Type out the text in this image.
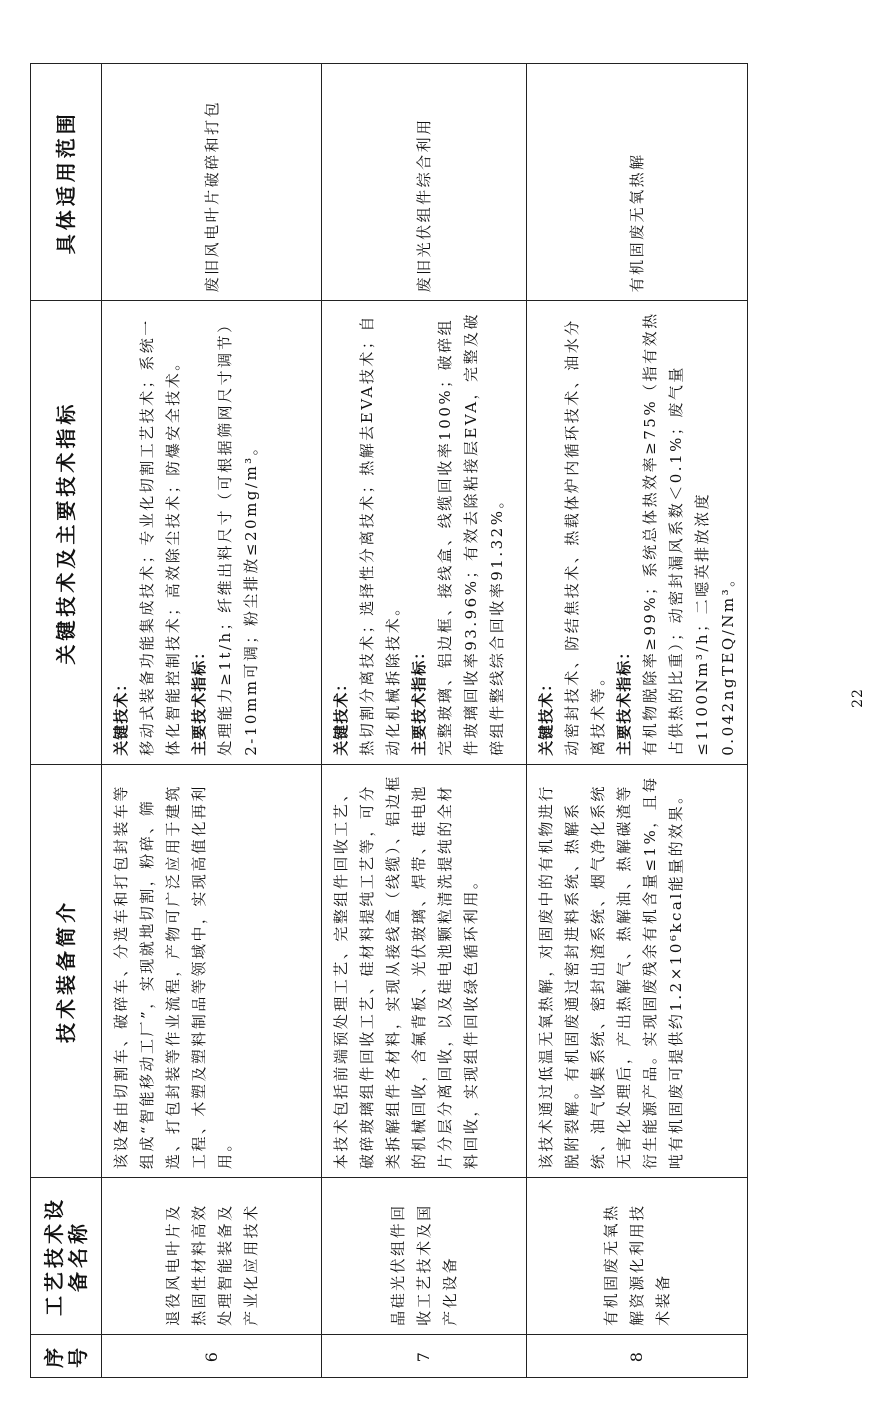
序号	工艺技术设备名称	技术装备简介	关键技术及主要技术指标	具体适用范围
6	退役风电叶片及热固性材料高效处理智能装备及产业化应用技术	该设备由切割车、破碎车、分选车和打包封装车等组成“智能移动工厂”，实现就地切割，粉碎、筛选、打包封装等作业流程，产物可广泛应用于建筑工程、木塑及塑料制品等领域中，实现高值化再利用。	关键技术： 移动式装备功能集成技术；专业化切割工艺技术；系统一体化智能控制技术；高效除尘技术；防爆安全技术。 主要技术指标： 处理能力≥1t/h；纤维出料尺寸（可根据筛网尺寸调节）2-10mm可调；粉尘排放≤20mg/m³。	废旧风电叶片破碎和打包
7	晶硅光伏组件回收工艺技术及国产化设备	本技术包括前端预处理工艺、完整组件回收工艺、破碎玻璃组件回收工艺、硅材料提纯工艺等，可分类拆解组件各材料，实现从接线盒（线缆）、铝边框的机械回收，含氟背板、光伏玻璃、焊带、硅电池片分层分离回收，以及硅电池颗粒清洗提纯的全材料回收，实现组件回收绿色循环利用。	关键技术： 热切割分离技术；选择性分离技术；热解去EVA技术；自动化机械拆除技术。 主要技术指标： 完整玻璃、铝边框、接线盒、线缆回收率100%；破碎组件玻璃回收率93.96%；有效去除粘接层EVA，完整及破碎组件整线综合回收率91.32%。	废旧光伏组件综合利用
8	有机固废无氧热解资源化利用技术装备	该技术通过低温无氧热解，对固废中的有机物进行脱附裂解。有机固废通过密封进料系统、热解系统、油气收集系统、密封出渣系统、烟气净化系统无害化处理后，产出热解气、热解油、热解碳渣等衍生能源产品。实现固废残余有机含量≤1%，且每吨有机固废可提供约1.2×10⁶kcal能量的效果。	关键技术： 动密封技术、防结焦技术、热载体炉内循环技术、油水分离技术等。 主要技术指标： 有机物脱除率≥99%；系统总体热效率≥75%（指有效热占供热的比重）；动密封漏风系数＜0.1%；废气量≤1100Nm³/h；二噁英排放浓度0.042ngTEQ/Nm³。	有机固废无氧热解
22
